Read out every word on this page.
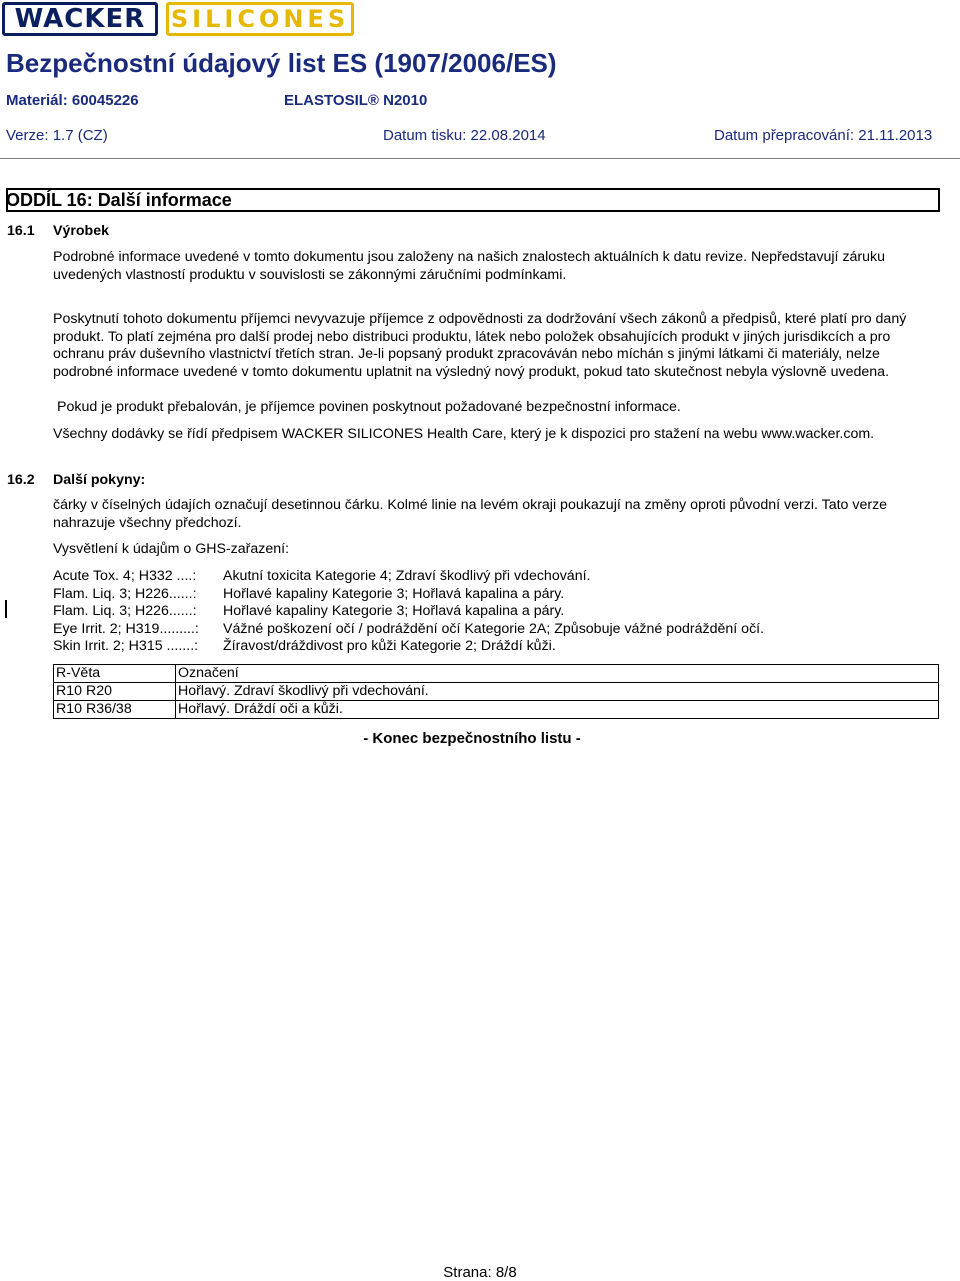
WACKER SILICONES
Bezpečnostní údajový list ES (1907/2006/ES)
Materiál: 60045226	ELASTOSIL® N2010
Verze: 1.7 (CZ)	Datum tisku: 22.08.2014	Datum přepracování: 21.11.2013
ODDÍL 16: Další informace
16.1 Výrobek
Podrobné informace uvedené v tomto dokumentu jsou založeny na našich znalostech aktuálních k datu revize. Nepředstavují záruku uvedených vlastností produktu v souvislosti se zákonnými záručními podmínkami.
Poskytnutí tohoto dokumentu příjemci nevyvazuje příjemce z odpovědnosti za dodržování všech zákonů a předpisů, které platí pro daný produkt. To platí zejména pro další prodej nebo distribuci produktu, látek nebo položek obsahujících produkt v jiných jurisdikcích a pro ochranu práv duševního vlastnictví třetích stran. Je-li popsaný produkt zpracováván nebo míchán s jinými látkami či materiály, nelze podrobné informace uvedené v tomto dokumentu uplatnit na výsledný nový produkt, pokud tato skutečnost nebyla výslovně uvedena.
Pokud je produkt přebalován, je příjemce povinen poskytnout požadované bezpečnostní informace.
Všechny dodávky se řídí předpisem WACKER SILICONES Health Care, který je k dispozici pro stažení na webu www.wacker.com.
16.2 Další pokyny:
čárky v číselných údajích označují desetinnou čárku. Kolmé linie na levém okraji poukazují na změny oproti původní verzi. Tato verze nahrazuje všechny předchozí.
Vysvětlení k údajům o GHS-zařazení:
Acute Tox. 4; H332 ....:	Akutní toxicita Kategorie 4; Zdraví škodlivý při vdechování.
Flam. Liq. 3; H226......:	Hořlavé kapaliny Kategorie 3; Hořlavá kapalina a páry.
Flam. Liq. 3; H226......:	Hořlavé kapaliny Kategorie 3; Hořlavá kapalina a páry.
Eye Irrit. 2; H319.........:	Vážné poškození očí / podráždění očí Kategorie 2A; Způsobuje vážné podráždění očí.
Skin Irrit. 2; H315 .......:	Žíravost/dráždivost pro kůži Kategorie 2; Dráždí kůži.
R-Věta	Označení
R10 R20	Hořlavý. Zdraví škodlivý při vdechování.
R10 R36/38	Hořlavý. Dráždí oči a kůži.
- Konec bezpečnostního listu -
Strana: 8/8
